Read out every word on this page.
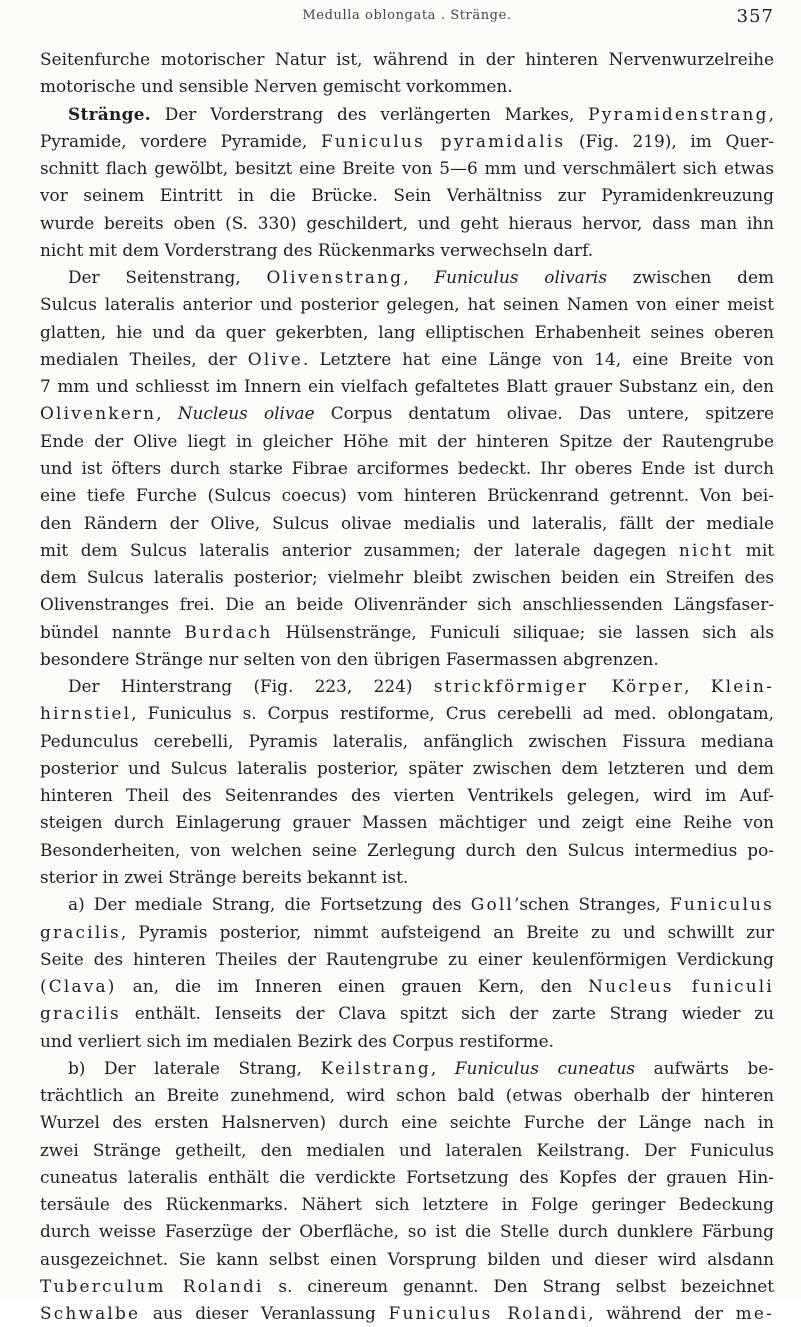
Medulla oblongata . Stränge.	357
Seitenfurche motorischer Natur ist, während in der hinteren Nervenwurzelreihe
motorische und sensible Nerven gemischt vorkommen.
Stränge. Der Vorderstrang des verlängerten Markes, Pyramidenstrang,
Pyramide, vordere Pyramide, Funiculus pyramidalis (Fig. 219), im Quer-
schnitt flach gewölbt, besitzt eine Breite von 5—6 mm und verschmälert sich etwas
vor seinem Eintritt in die Brücke. Sein Verhältniss zur Pyramidenkreuzung
wurde bereits oben (S. 330) geschildert, und geht hieraus hervor, dass man ihn
nicht mit dem Vorderstrang des Rückenmarks verwechseln darf.
Der Seitenstrang, Olivenstrang, Funiculus olivaris zwischen dem
Sulcus lateralis anterior und posterior gelegen, hat seinen Namen von einer meist
glatten, hie und da quer gekerbten, lang elliptischen Erhabenheit seines oberen
medialen Theiles, der Olive. Letztere hat eine Länge von 14, eine Breite von
7 mm und schliesst im Innern ein vielfach gefaltetes Blatt grauer Substanz ein, den
Olivenkern, Nucleus olivae Corpus dentatum olivae. Das untere, spitzere
Ende der Olive liegt in gleicher Höhe mit der hinteren Spitze der Rautengrube
und ist öfters durch starke Fibrae arciformes bedeckt. Ihr oberes Ende ist durch
eine tiefe Furche (Sulcus coecus) vom hinteren Brückenrand getrennt. Von bei-
den Rändern der Olive, Sulcus olivae medialis und lateralis, fällt der mediale
mit dem Sulcus lateralis anterior zusammen; der laterale dagegen nicht mit
dem Sulcus lateralis posterior; vielmehr bleibt zwischen beiden ein Streifen des
Olivenstranges frei. Die an beide Olivenränder sich anschliessenden Längsfaser-
bündel nannte Burdach Hülsenstränge, Funiculi siliquae; sie lassen sich als
besondere Stränge nur selten von den übrigen Fasermassen abgrenzen.
Der Hinterstrang (Fig. 223, 224) strickförmiger Körper, Klein-
hirnstiel, Funiculus s. Corpus restiforme, Crus cerebelli ad med. oblongatam,
Pedunculus cerebelli, Pyramis lateralis, anfänglich zwischen Fissura mediana
posterior und Sulcus lateralis posterior, später zwischen dem letzteren und dem
hinteren Theil des Seitenrandes des vierten Ventrikels gelegen, wird im Auf-
steigen durch Einlagerung grauer Massen mächtiger und zeigt eine Reihe von
Besonderheiten, von welchen seine Zerlegung durch den Sulcus intermedius po-
sterior in zwei Stränge bereits bekannt ist.
a) Der mediale Strang, die Fortsetzung des Goll’schen Stranges, Funiculus
gracilis, Pyramis posterior, nimmt aufsteigend an Breite zu und schwillt zur
Seite des hinteren Theiles der Rautengrube zu einer keulenförmigen Verdickung
(Clava) an, die im Inneren einen grauen Kern, den Nucleus funiculi
gracilis enthält. Ienseits der Clava spitzt sich der zarte Strang wieder zu
und verliert sich im medialen Bezirk des Corpus restiforme.
b) Der laterale Strang, Keilstrang, Funiculus cuneatus aufwärts be-
trächtlich an Breite zunehmend, wird schon bald (etwas oberhalb der hinteren
Wurzel des ersten Halsnerven) durch eine seichte Furche der Länge nach in
zwei Stränge getheilt, den medialen und lateralen Keilstrang. Der Funiculus
cuneatus lateralis enthält die verdickte Fortsetzung des Kopfes der grauen Hin-
tersäule des Rückenmarks. Nähert sich letztere in Folge geringer Bedeckung
durch weisse Faserzüge der Oberfläche, so ist die Stelle durch dunklere Färbung
ausgezeichnet. Sie kann selbst einen Vorsprung bilden und dieser wird alsdann
Tuberculum Rolandi s. cinereum genannt. Den Strang selbst bezeichnet
Schwalbe aus dieser Veranlassung Funiculus Rolandi, während der me-
